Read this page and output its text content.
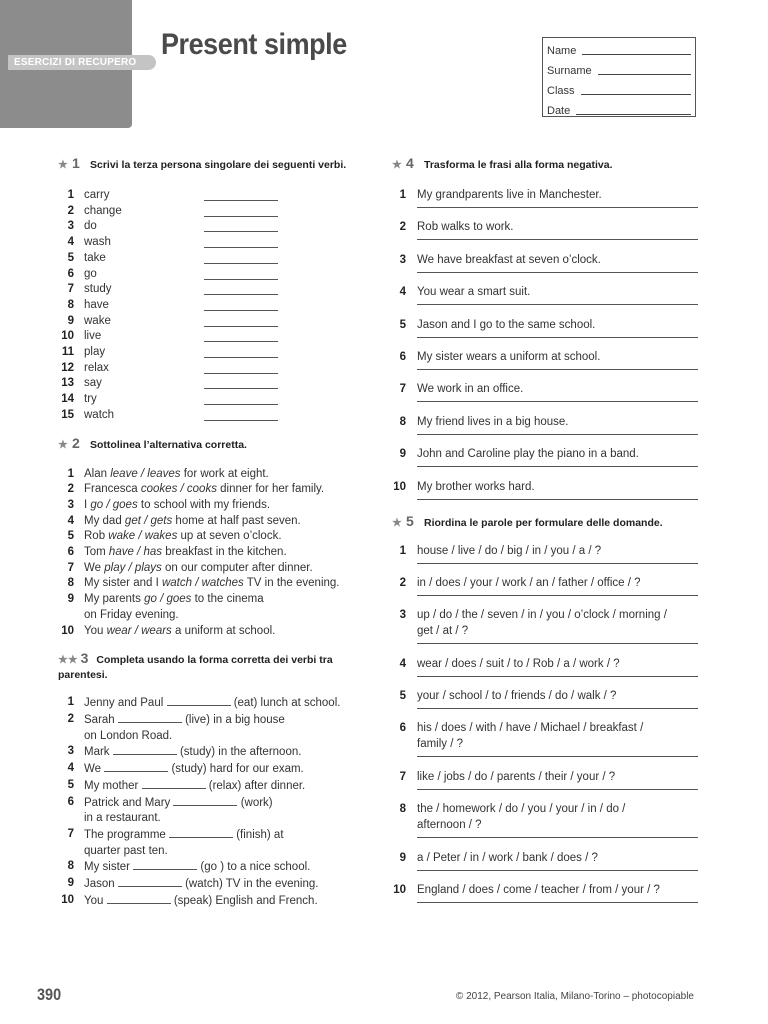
ESERCIZI DI RECUPERO
Present simple	Name
Surname
Class
Date
★ 1 Scrivi la terza persona singolare dei seguenti verbi.
1 carry
2 change
3 do
4 wash
5 take
6 go
7 study
8 have
9 wake
10 live
11 play
12 relax
13 say
14 try
15 watch
★ 2 Sottolinea l’alternativa corretta.
1 Alan leave / leaves for work at eight.
2 Francesca cookes / cooks dinner for her family.
3 I go / goes to school with my friends.
4 My dad get / gets home at half past seven.
5 Rob wake / wakes up at seven o’clock.
6 Tom have / has breakfast in the kitchen.
7 We play / plays on our computer after dinner.
8 My sister and I watch / watches TV in the evening.
9 My parents go / goes to the cinema
on Friday evening.
10 You wear / wears a uniform at school.
★★ 3 Completa usando la forma corretta dei verbi tra parentesi.
1 Jenny and Paul	(eat) lunch at school.
2 Sarah	(live) in a big house
on London Road.
3 Mark	(study) in the afternoon.
4 We	(study) hard for our exam.
5 My mother	(relax) after dinner.
6 Patrick and Mary	(work)
in a restaurant.
7 The programme	(finish) at
quarter past ten.
8 My sister	(go ) to a nice school.
9 Jason	(watch) TV in the evening.
10 You	(speak) English and French.
★ 4 Trasforma le frasi alla forma negativa.
1 My grandparents live in Manchester.
2 Rob walks to work.
3 We have breakfast at seven o’clock.
4 You wear a smart suit.
5 Jason and I go to the same school.
6 My sister wears a uniform at school.
7 We work in an office.
8 My friend lives in a big house.
9 John and Caroline play the piano in a band.
10 My brother works hard.
★ 5 Riordina le parole per formulare delle domande.
1 house / live / do / big / in / you / a / ?
2 in / does / your / work / an / father / office / ?
3 up / do / the / seven / in / you / o’clock / morning /
get / at / ?
4 wear / does / suit / to / Rob / a / work / ?
5 your / school / to / friends / do / walk / ?
6 his / does / with / have / Michael / breakfast /
family / ?
7 like / jobs / do / parents / their / your / ?
8 the / homework / do / you / your / in / do /
afternoon / ?
9 a / Peter / in / work / bank / does / ?
10 England / does / come / teacher / from / your / ?
390	© 2012, Pearson Italia, Milano-Torino – photocopiable
